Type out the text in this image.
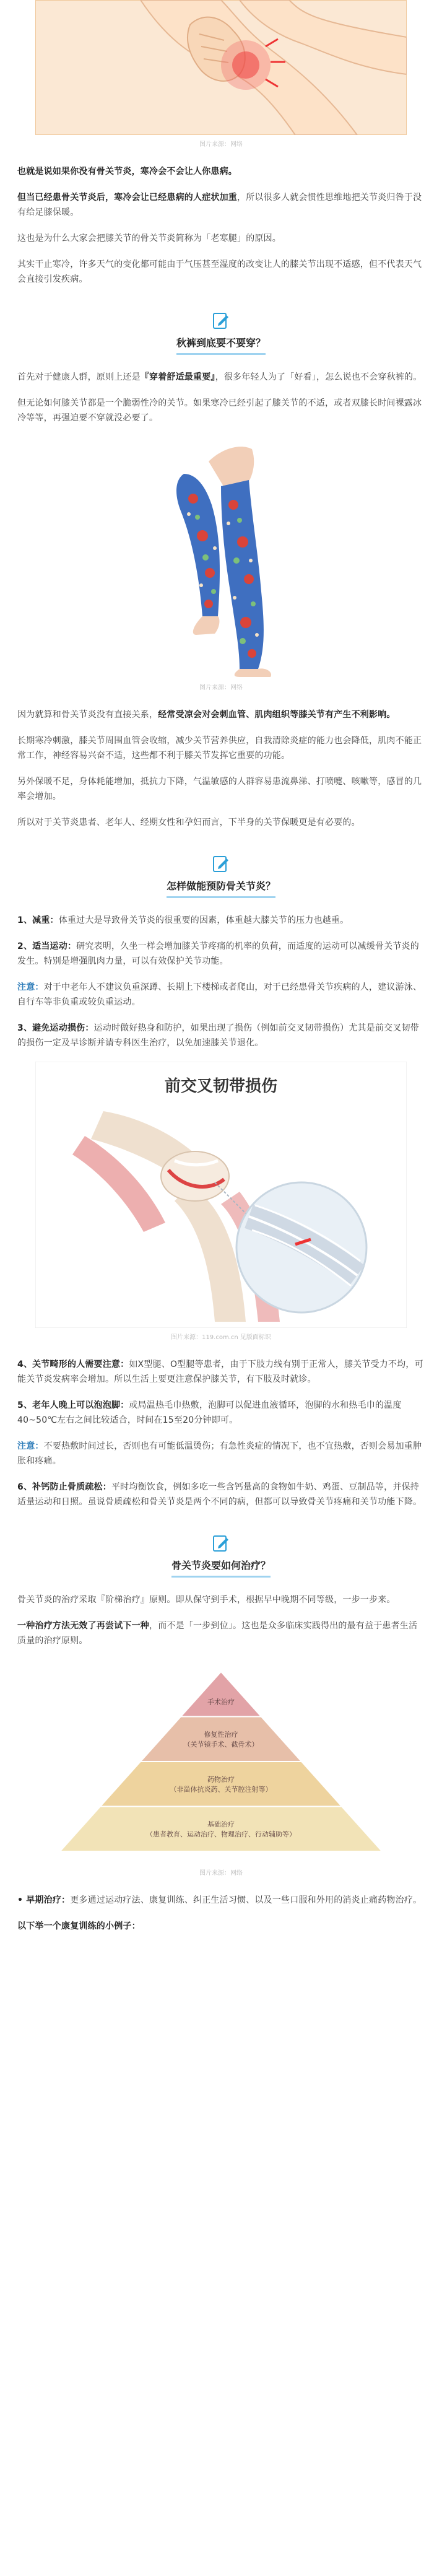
图片来源：网络

也就是说如果你没有骨关节炎，寒冷会不会让人你患病。

但当已经患骨关节炎后，寒冷会让已经患病的人症状加重，所以很多人就会惯性思维地把关节炎归咎于没有给足膝保暖。

这也是为什么大家会把膝关节的骨关节炎简称为「老寒腿」的原因。

其实干止寒冷，许多天气的变化都可能由于气压甚至湿度的改变让人的膝关节出现不适感，但不代表天气会直接引发疾病。

秋裤到底要不要穿？

首先对于健康人群，原则上还是『穿着舒适最重要』，很多年轻人为了「好看」，怎么说也不会穿秋裤的。

但无论如何膝关节都是一个脆弱性冷的关节。如果寒冷已经引起了膝关节的不适，或者双膝长时间裸露冰冷等等，再强迫要不穿就没必要了。

图片来源：网络

因为就算和骨关节炎没有直接关系，经常受凉会对会刺血管、肌肉组织等膝关节有产生不利影响。

长期寒冷刺激，膝关节周围血管会收缩，减少关节营养供应，自我清除炎症的能力也会降低，肌肉不能正常工作，神经容易兴奋不适，这些都不利于膝关节发挥它重要的功能。

另外保暖不足，身体耗能增加，抵抗力下降，气温敏感的人群容易患流鼻涕、打喷嚏、咳嗽等，感冒的几率会增加。

所以对于关节炎患者、老年人、经期女性和孕妇而言，下半身的关节保暖更是有必要的。

怎样做能预防骨关节炎？

1、减重：体重过大是导致骨关节炎的很重要的因素，体重越大膝关节的压力也越重。

2、适当运动：研究表明，久坐一样会增加膝关节疼痛的机率的负荷，而适度的运动可以减缓骨关节炎的发生。特别是增强肌肉力量，可以有效保护关节功能。

注意：对于中老年人不建议负重深蹲、长期上下楼梯或者爬山，对于已经患骨关节疾病的人，建议游泳、自行车等非负重或较负重运动。

3、避免运动损伤：运动时做好热身和防护，如果出现了损伤（例如前交叉韧带损伤）尤其是前交叉韧带的损伤一定及早诊断并请专科医生治疗，以免加速膝关节退化。

前交叉韧带损伤
图片来源：119.com.cn 见版面标识

4、关节畸形的人需要注意：如X型腿、O型腿等患者，由于下肢力线有别于正常人，膝关节受力不均，可能关节炎发病率会增加。所以生活上要更注意保护膝关节，有下肢及时就诊。

5、老年人晚上可以泡泡脚：或局温热毛巾热敷，泡脚可以促进血液循环，泡脚的水和热毛巾的温度40~50℃左右之间比较适合，时间在15至20分钟即可。

注意：不要热敷时间过长，否则也有可能低温烫伤；有急性炎症的情况下，也不宜热敷，否则会易加重肿胀和疼痛。

6、补钙防止骨质疏松：平时均衡饮食，例如多吃一些含钙量高的食物如牛奶、鸡蛋、豆制品等，并保持适量运动和日照。虽说骨质疏松和骨关节炎是两个不同的病，但都可以导致骨关节疼痛和关节功能下降。

骨关节炎要如何治疗？

骨关节炎的治疗采取『阶梯治疗』原则。即从保守到手术，根据早中晚期不同等级，一步一步来。

一种治疗方法无效了再尝试下一种，而不是「一步到位」。这也是众多临床实践得出的最有益于患者生活质量的治疗原则。

手术治疗
修复性治疗
（关节镜手术、截骨术）
药物治疗
（非甾体抗炎药、关节腔注射等）
基础治疗
（患者教育、运动治疗、物理治疗、行动辅助等）
图片来源：网络

• 早期治疗：更多通过运动疗法、康复训练、纠正生活习惯、以及一些口服和外用的消炎止痛药物治疗。

以下举一个康复训练的小例子：
